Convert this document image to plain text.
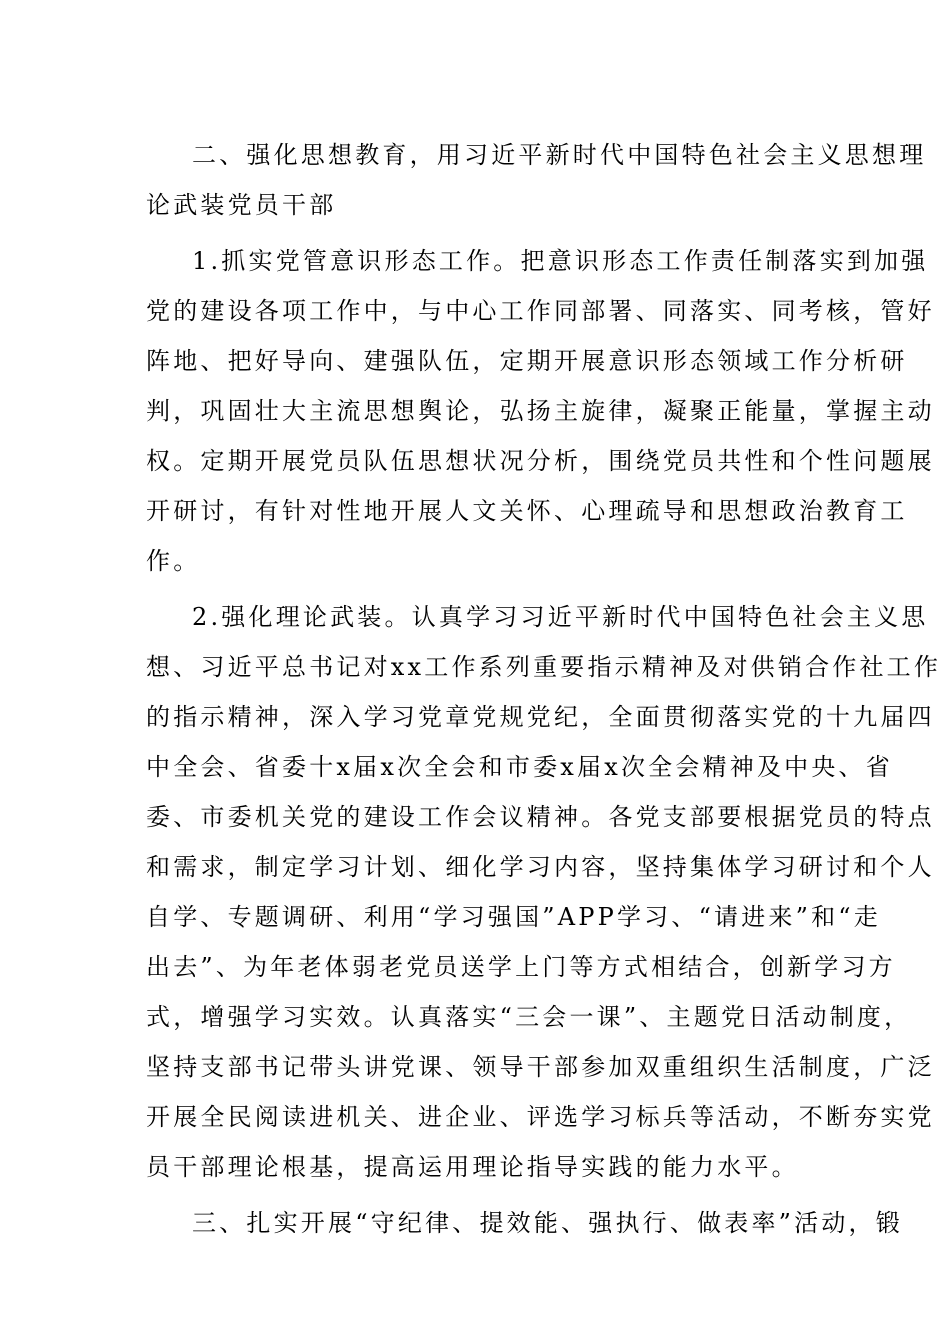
二、强化思想教育，用习近平新时代中国特色社会主义思想理
论武装党员干部
1.抓实党管意识形态工作。把意识形态工作责任制落实到加强
党的建设各项工作中，与中心工作同部署、同落实、同考核，管好
阵地、把好导向、建强队伍，定期开展意识形态领域工作分析研
判，巩固壮大主流思想舆论，弘扬主旋律，凝聚正能量，掌握主动
权。定期开展党员队伍思想状况分析，围绕党员共性和个性问题展
开研讨，有针对性地开展人文关怀、心理疏导和思想政治教育工
作。
2.强化理论武装。认真学习习近平新时代中国特色社会主义思
想、习近平总书记对xx工作系列重要指示精神及对供销合作社工作
的指示精神，深入学习党章党规党纪，全面贯彻落实党的十九届四
中全会、省委十x届x次全会和市委x届x次全会精神及中央、省
委、市委机关党的建设工作会议精神。各党支部要根据党员的特点
和需求，制定学习计划、细化学习内容，坚持集体学习研讨和个人
自学、专题调研、利用“学习强国”APP学习、“请进来”和“走
出去”、为年老体弱老党员送学上门等方式相结合，创新学习方
式，增强学习实效。认真落实“三会一课”、主题党日活动制度，
坚持支部书记带头讲党课、领导干部参加双重组织生活制度，广泛
开展全民阅读进机关、进企业、评选学习标兵等活动，不断夯实党
员干部理论根基，提高运用理论指导实践的能力水平。
三、扎实开展“守纪律、提效能、强执行、做表率”活动，锻
